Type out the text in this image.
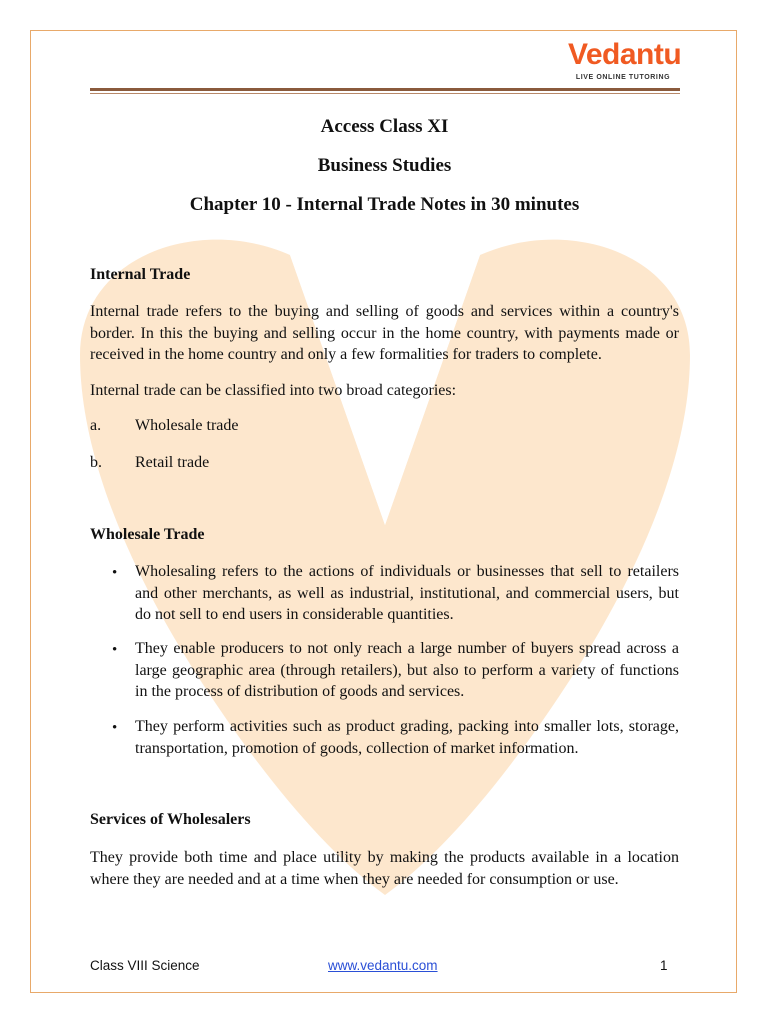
Vedantu
LIVE ONLINE TUTORING
Access Class XI
Business Studies
Chapter 10 - Internal Trade Notes in 30 minutes
Internal Trade

Internal trade refers to the buying and selling of goods and services within a country's border. In this the buying and selling occur in the home country, with payments made or received in the home country and only a few formalities for traders to complete.

Internal trade can be classified into two broad categories:

a. Wholesale trade
b. Retail trade
Wholesale Trade
• Wholesaling refers to the actions of individuals or businesses that sell to retailers and other merchants, as well as industrial, institutional, and commercial users, but do not sell to end users in considerable quantities.

• They enable producers to not only reach a large number of buyers spread across a large geographic area (through retailers), but also to perform a variety of functions in the process of distribution of goods and services.

• They perform activities such as product grading, packing into smaller lots, storage, transportation, promotion of goods, collection of market information.

Services of Wholesalers

They provide both time and place utility by making the products available in a location where they are needed and at a time when they are needed for consumption or use.

Class VIII Science	www.vedantu.com	1
